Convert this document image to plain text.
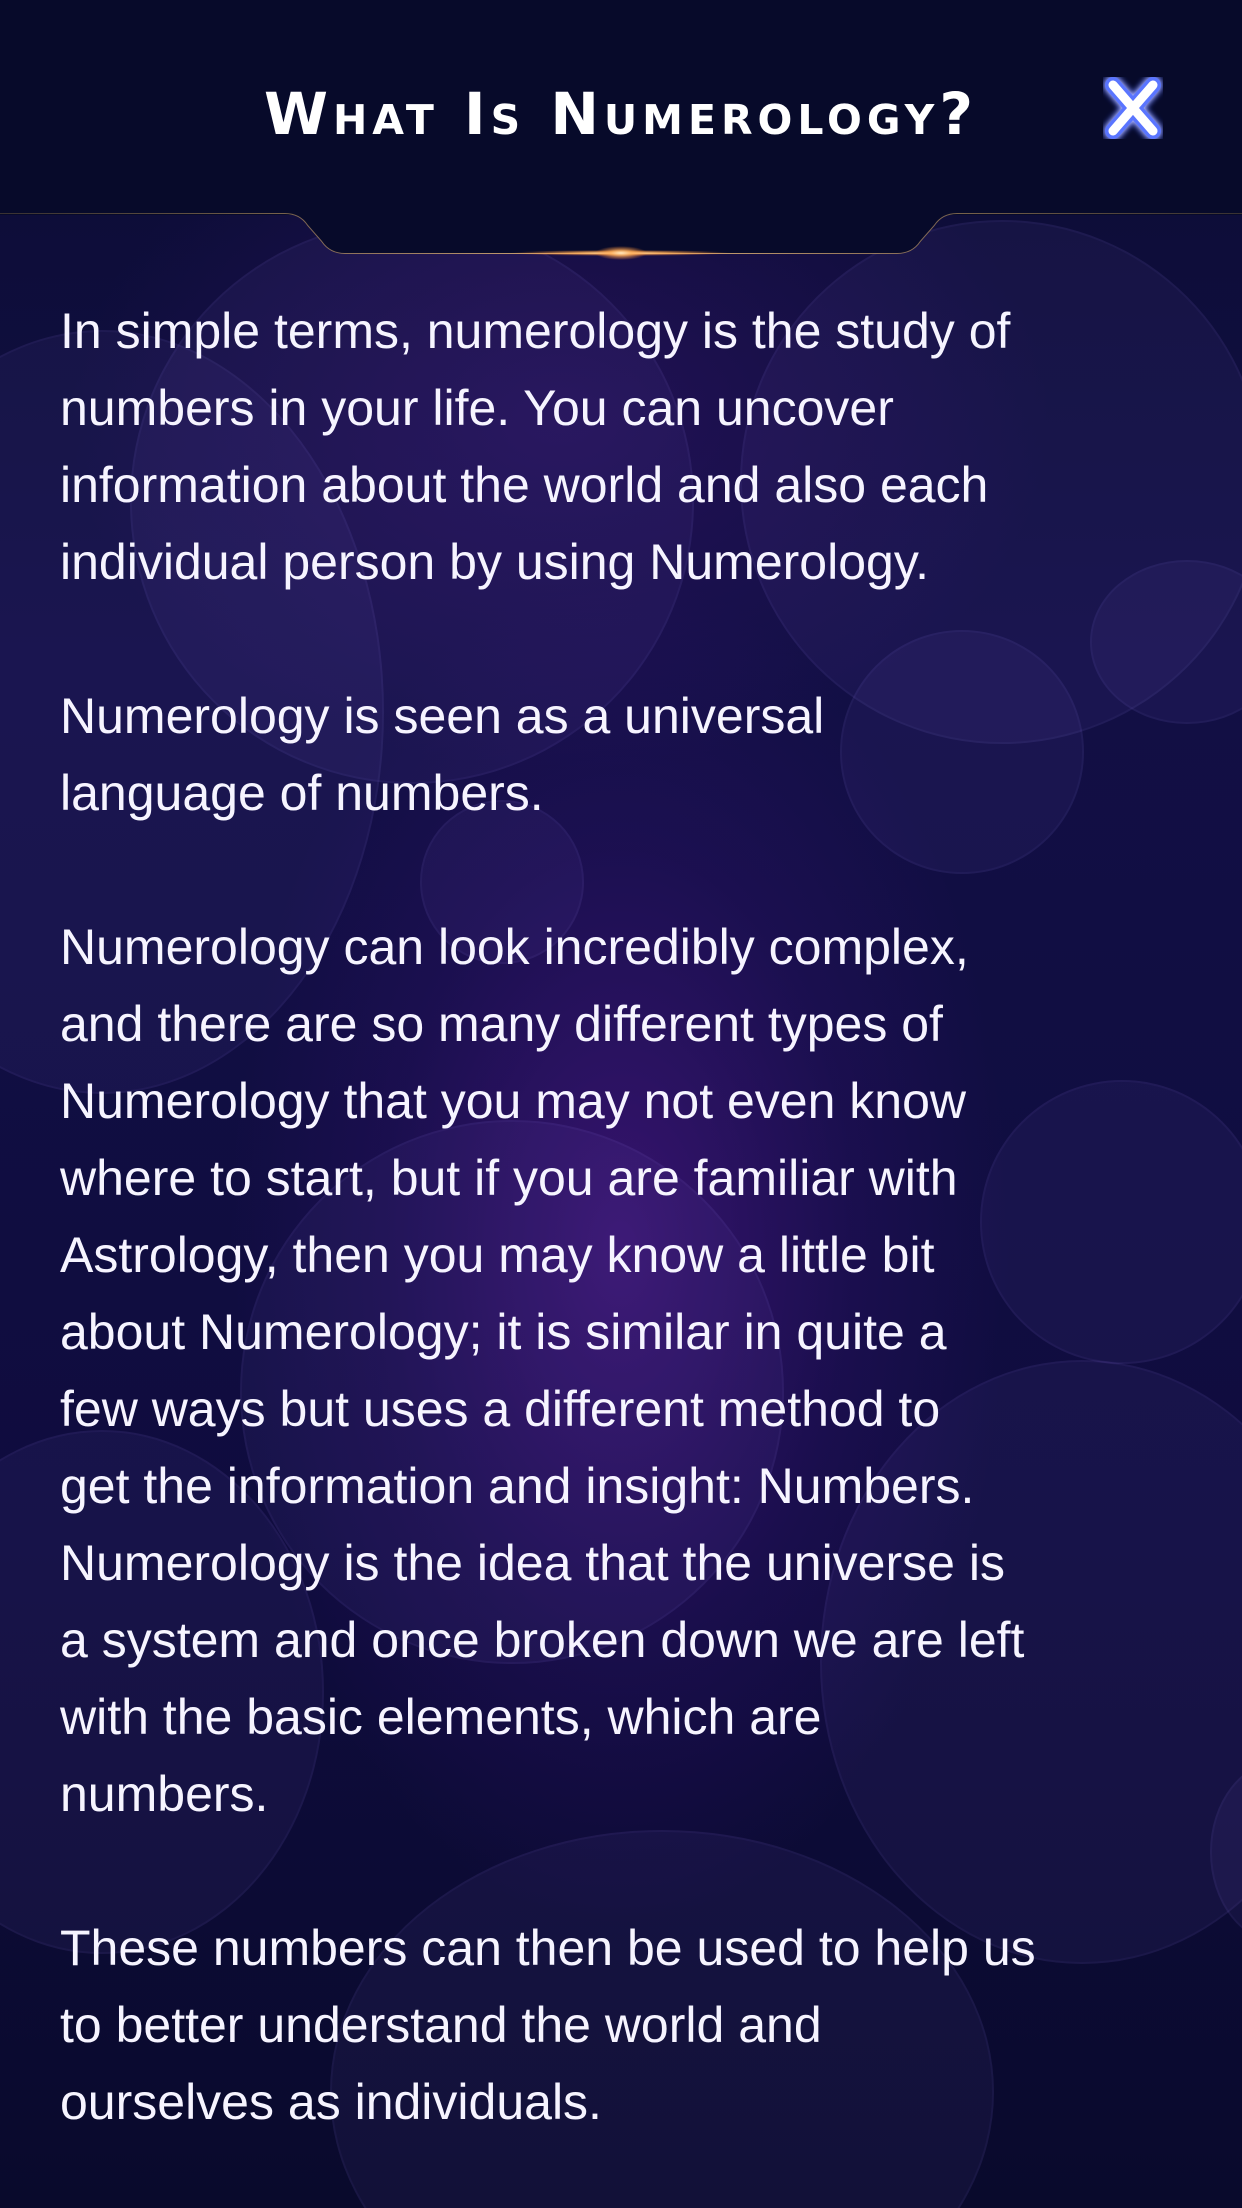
What Is Numerology?

In simple terms, numerology is the study of
numbers in your life. You can uncover
information about the world and also each
individual person by using Numerology.

Numerology is seen as a universal
language of numbers.

Numerology can look incredibly complex,
and there are so many different types of
Numerology that you may not even know
where to start, but if you are familiar with
Astrology, then you may know a little bit
about Numerology; it is similar in quite a
few ways but uses a different method to
get the information and insight: Numbers.
Numerology is the idea that the universe is
a system and once broken down we are left
with the basic elements, which are
numbers.

These numbers can then be used to help us
to better understand the world and
ourselves as individuals.
